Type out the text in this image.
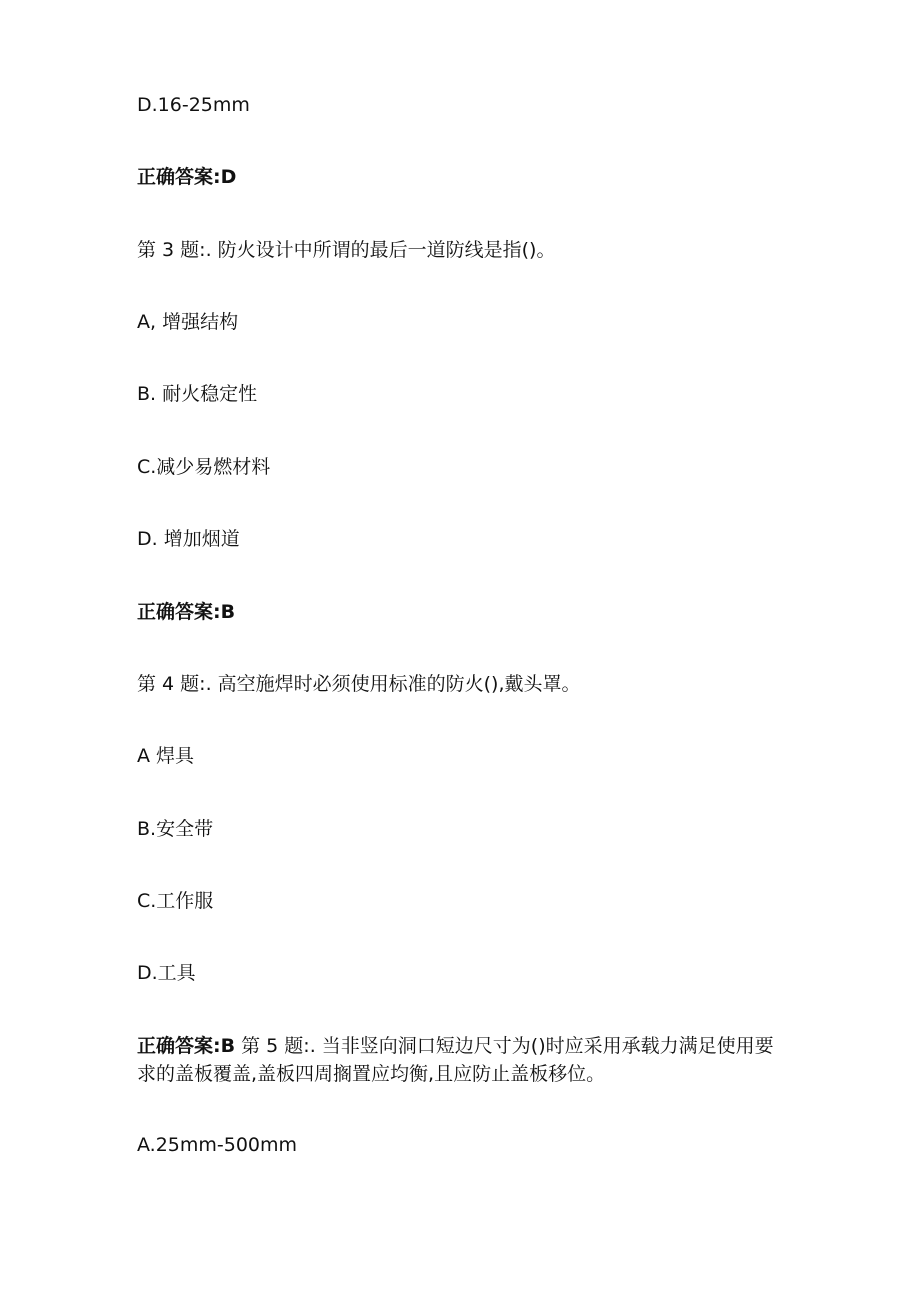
D.16-25mm
正确答案:D
第 3 题:. 防火设计中所谓的最后一道防线是指()。
A, 增强结构
B. 耐火稳定性
C.减少易燃材料
D. 增加烟道
正确答案:B
第 4 题:. 高空施焊时必须使用标准的防火(),戴头罩。
A 焊具
B.安全带
C.工作服
D.工具
正确答案:B 第 5 题:. 当非竖向洞口短边尺寸为()时应采用承载力满足使用要求的盖板覆盖,盖板四周搁置应均衡,且应防止盖板移位。
A.25mm-500mm
